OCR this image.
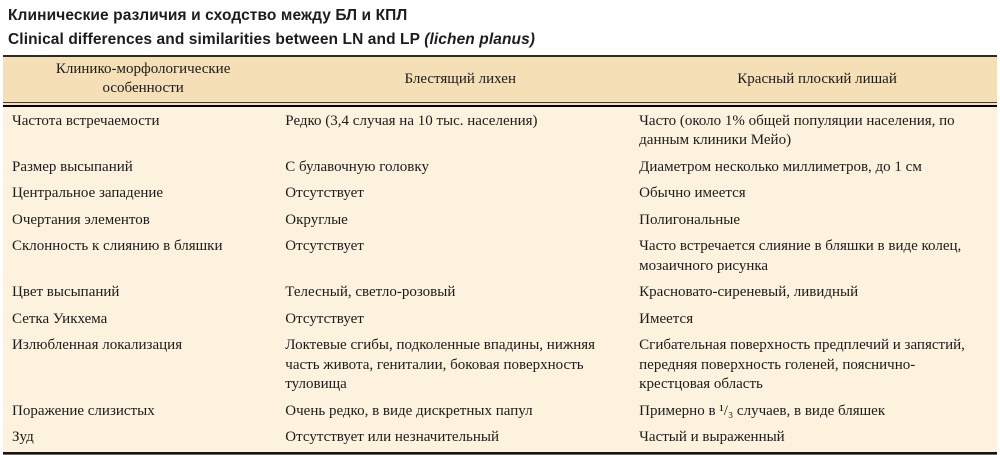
Клинические различия и сходство между БЛ и КПЛ
Clinical differences and similarities between LN and LP (lichen planus)
Клинико-морфологические особенности	Блестящий лихен	Красный плоский лишай

Частота встречаемости	Редко (3,4 случая на 10 тыс. населения)	Часто (около 1% общей популяции населения, по данным клиники Мейо)
Размер высыпаний	С булавочную головку	Диаметром несколько миллиметров, до 1 см
Центральное западение	Отсутствует	Обычно имеется
Очертания элементов	Округлые	Полигональные
Склонность к слиянию в бляшки	Отсутствует	Часто встречается слияние в бляшки в виде колец, мозаичного рисунка
Цвет высыпаний	Телесный, светло-розовый	Красновато-сиреневый, ливидный
Сетка Уикхема	Отсутствует	Имеется
Излюбленная локализация	Локтевые сгибы, подколенные впадины, нижняя часть живота, гениталии, боковая поверхность туловища	Сгибательная поверхность предплечий и запястий, передняя поверхность голеней, пояснично-крестцовая область
Поражение слизистых	Очень редко, в виде дискретных папул	Примерно в ¹/₃ случаев, в виде бляшек
Зуд	Отсутствует или незначительный	Частый и выраженный
